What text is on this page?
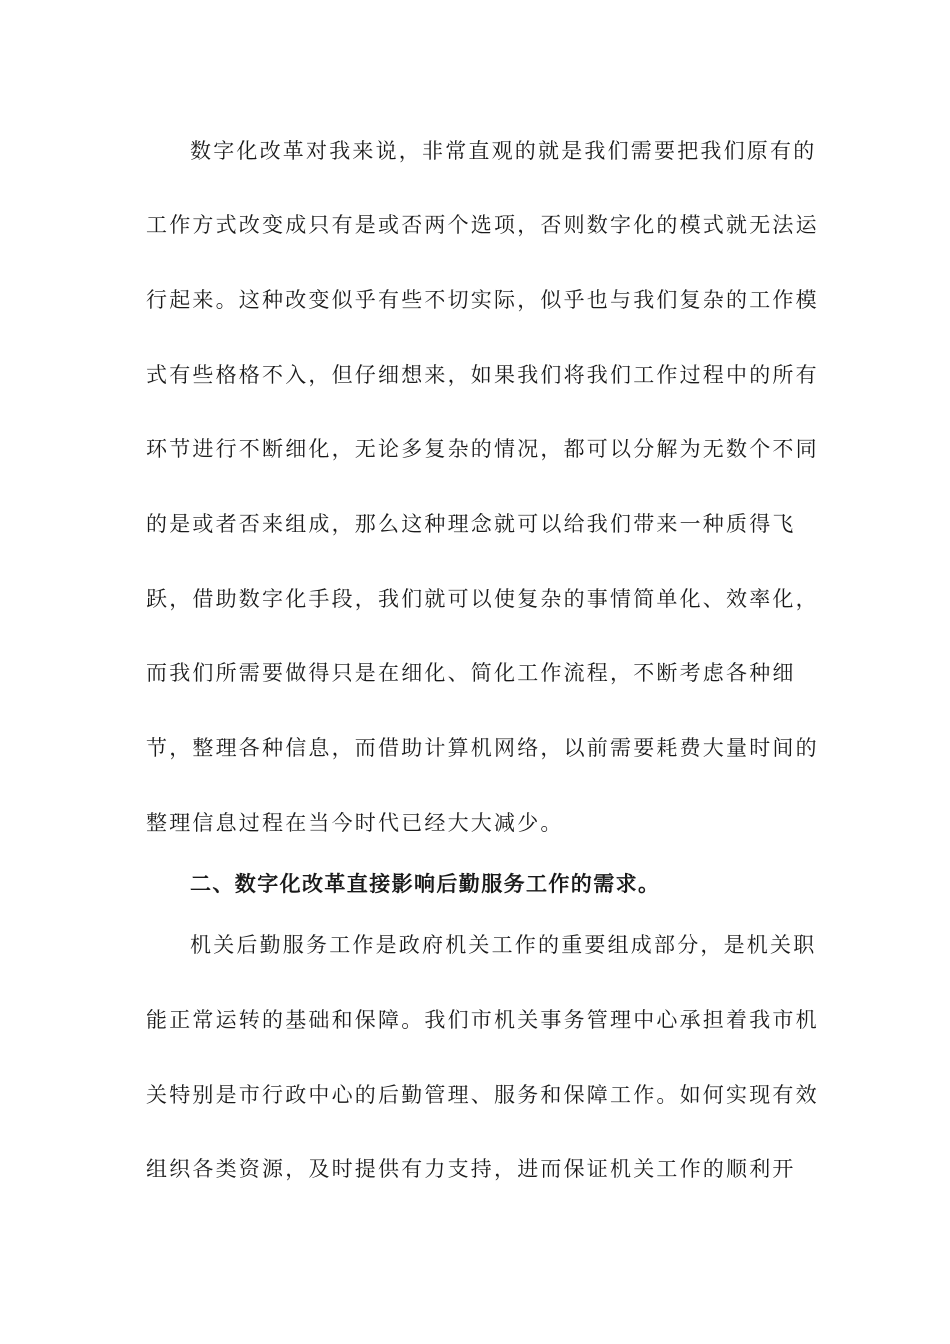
数字化改革对我来说，非常直观的就是我们需要把我们原有的
工作方式改变成只有是或否两个选项，否则数字化的模式就无法运
行起来。这种改变似乎有些不切实际，似乎也与我们复杂的工作模
式有些格格不入，但仔细想来，如果我们将我们工作过程中的所有
环节进行不断细化，无论多复杂的情况，都可以分解为无数个不同
的是或者否来组成，那么这种理念就可以给我们带来一种质得飞
跃，借助数字化手段，我们就可以使复杂的事情简单化、效率化，
而我们所需要做得只是在细化、简化工作流程，不断考虑各种细
节，整理各种信息，而借助计算机网络，以前需要耗费大量时间的
整理信息过程在当今时代已经大大减少。
二、数字化改革直接影响后勤服务工作的需求。
机关后勤服务工作是政府机关工作的重要组成部分，是机关职
能正常运转的基础和保障。我们市机关事务管理中心承担着我市机
关特别是市行政中心的后勤管理、服务和保障工作。如何实现有效
组织各类资源，及时提供有力支持，进而保证机关工作的顺利开
